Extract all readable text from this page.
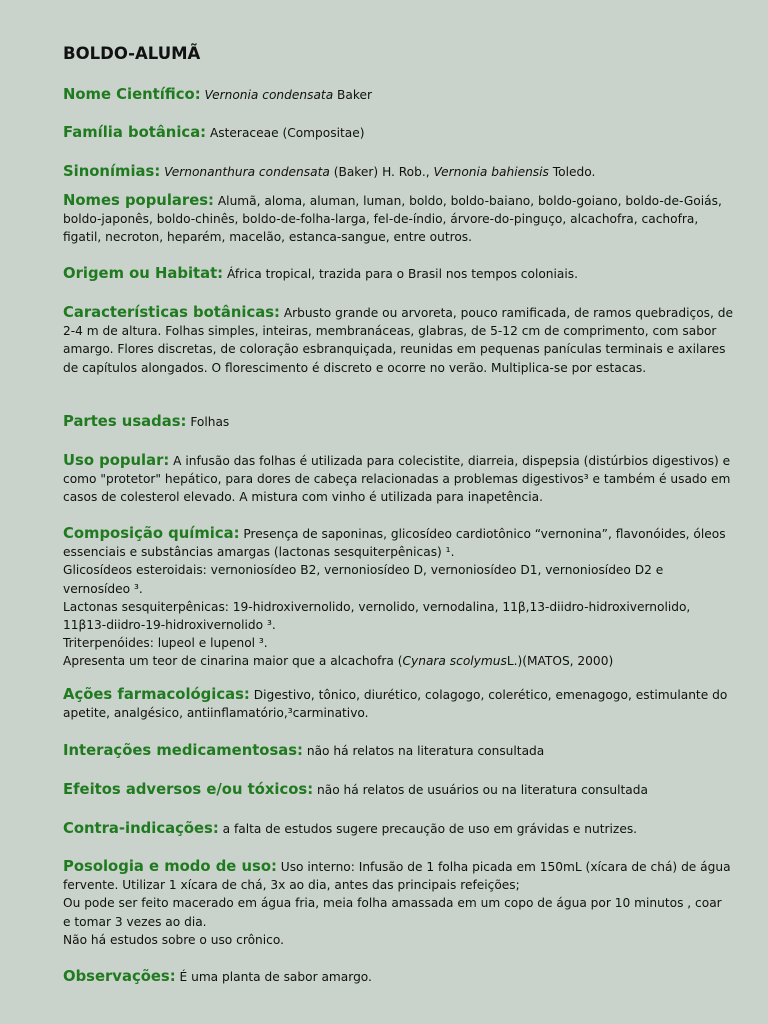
BOLDO-ALUMÃ
Nome Científico: Vernonia condensata Baker
Família botânica: Asteraceae (Compositae)
Sinonímias: Vernonanthura condensata (Baker) H. Rob., Vernonia bahiensis Toledo.
Nomes populares: Alumã, aloma, aluman, luman, boldo, boldo-baiano, boldo-goiano, boldo-de-Goiás, boldo-japonês, boldo-chinês, boldo-de-folha-larga, fel-de-índio, árvore-do-pinguço, alcachofra, cachofra, figatil, necroton, heparém, macelão, estanca-sangue, entre outros.
Origem ou Habitat: África tropical, trazida para o Brasil nos tempos coloniais.
Características botânicas: Arbusto grande ou arvoreta, pouco ramificada, de ramos quebradiços, de 2-4 m de altura. Folhas simples, inteiras, membranáceas, glabras, de 5-12 cm de comprimento, com sabor amargo. Flores discretas, de coloração esbranquiçada, reunidas em pequenas panículas terminais e axilares de capítulos alongados. O florescimento é discreto e ocorre no verão. Multiplica-se por estacas.
Partes usadas: Folhas
Uso popular: A infusão das folhas é utilizada para colecistite, diarreia, dispepsia (distúrbios digestivos) e como "protetor" hepático, para dores de cabeça relacionadas a problemas digestivos³ e também é usado em casos de colesterol elevado. A mistura com vinho é utilizada para inapetência.
Composição química: Presença de saponinas, glicosídeo cardiotônico “vernonina”, flavonóides, óleos essenciais e substâncias amargas (lactonas sesquiterpênicas) ¹.
Glicosídeos esteroidais: vernoniosídeo B2, vernoniosídeo D, vernoniosídeo D1, vernoniosídeo D2 e vernosídeo ³.
Lactonas sesquiterpênicas: 19-hidroxivernolido, vernolido, vernodalina, 11β,13-diidro-hidroxivernolido, 11β13-diidro-19-hidroxivernolido ³.
Triterpenóides: lupeol e lupenol ³.
Apresenta um teor de cinarina maior que a alcachofra (Cynara scolymusL.)(MATOS, 2000)
Ações farmacológicas: Digestivo, tônico, diurético, colagogo, colerético, emenagogo, estimulante do apetite, analgésico, antiinflamatório,³carminativo.
Interações medicamentosas: não há relatos na literatura consultada
Efeitos adversos e/ou tóxicos: não há relatos de usuários ou na literatura consultada
Contra-indicações: a falta de estudos sugere precaução de uso em grávidas e nutrizes.
Posologia e modo de uso: Uso interno: Infusão de 1 folha picada em 150mL (xícara de chá) de água fervente. Utilizar 1 xícara de chá, 3x ao dia, antes das principais refeições;
Ou pode ser feito macerado em água fria, meia folha amassada em um copo de água por 10 minutos , coar e tomar 3 vezes ao dia.
Não há estudos sobre o uso crônico.
Observações: É uma planta de sabor amargo.
